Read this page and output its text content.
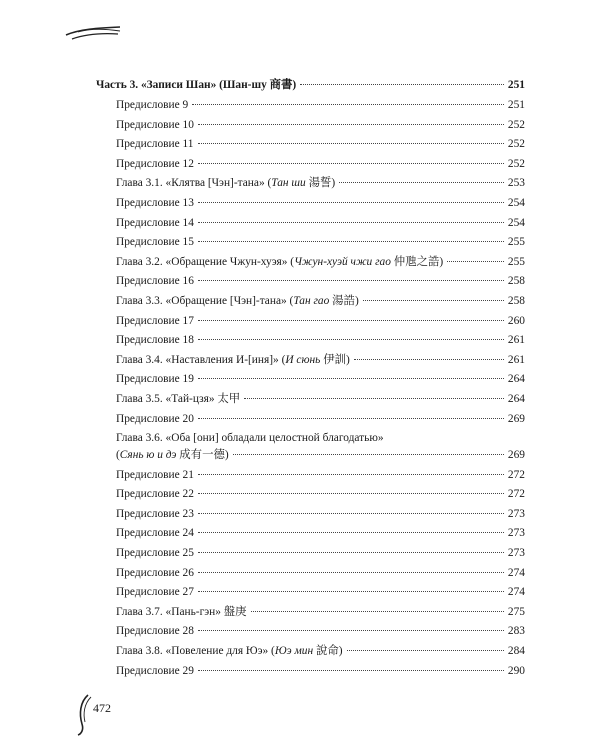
Часть 3. «Записи Шан» (Шан-шу 商書)	251
Предисловие 9	251
Предисловие 10	252
Предисловие 11	252
Предисловие 12	252
Глава 3.1. «Клятва [Чэн]-тана» (Тан ши 湯誓)	253
Предисловие 13	254
Предисловие 14	254
Предисловие 15	255
Глава 3.2. «Обращение Чжун-хуэя» (Чжун-хуэй чжи гао 仲虺之誥)	255
Предисловие 16	258
Глава 3.3. «Обращение [Чэн]-тана» (Тан гао 湯誥)	258
Предисловие 17	260
Предисловие 18	261
Глава 3.4. «Наставления И-[иня]» (И сюнь 伊訓)	261
Предисловие 19	264
Глава 3.5. «Тай-цзя» 太甲	264
Предисловие 20	269
Глава 3.6. «Оба [они] обладали целостной благодатью»
(Сянь ю и дэ 成有一德)	269
Предисловие 21	272
Предисловие 22	272
Предисловие 23	273
Предисловие 24	273
Предисловие 25	273
Предисловие 26	274
Предисловие 27	274
Глава 3.7. «Пань-гэн» 盤庚	275
Предисловие 28	283
Глава 3.8. «Повеление для Юэ» (Юэ мин 說命)	284
Предисловие 29	290
472
